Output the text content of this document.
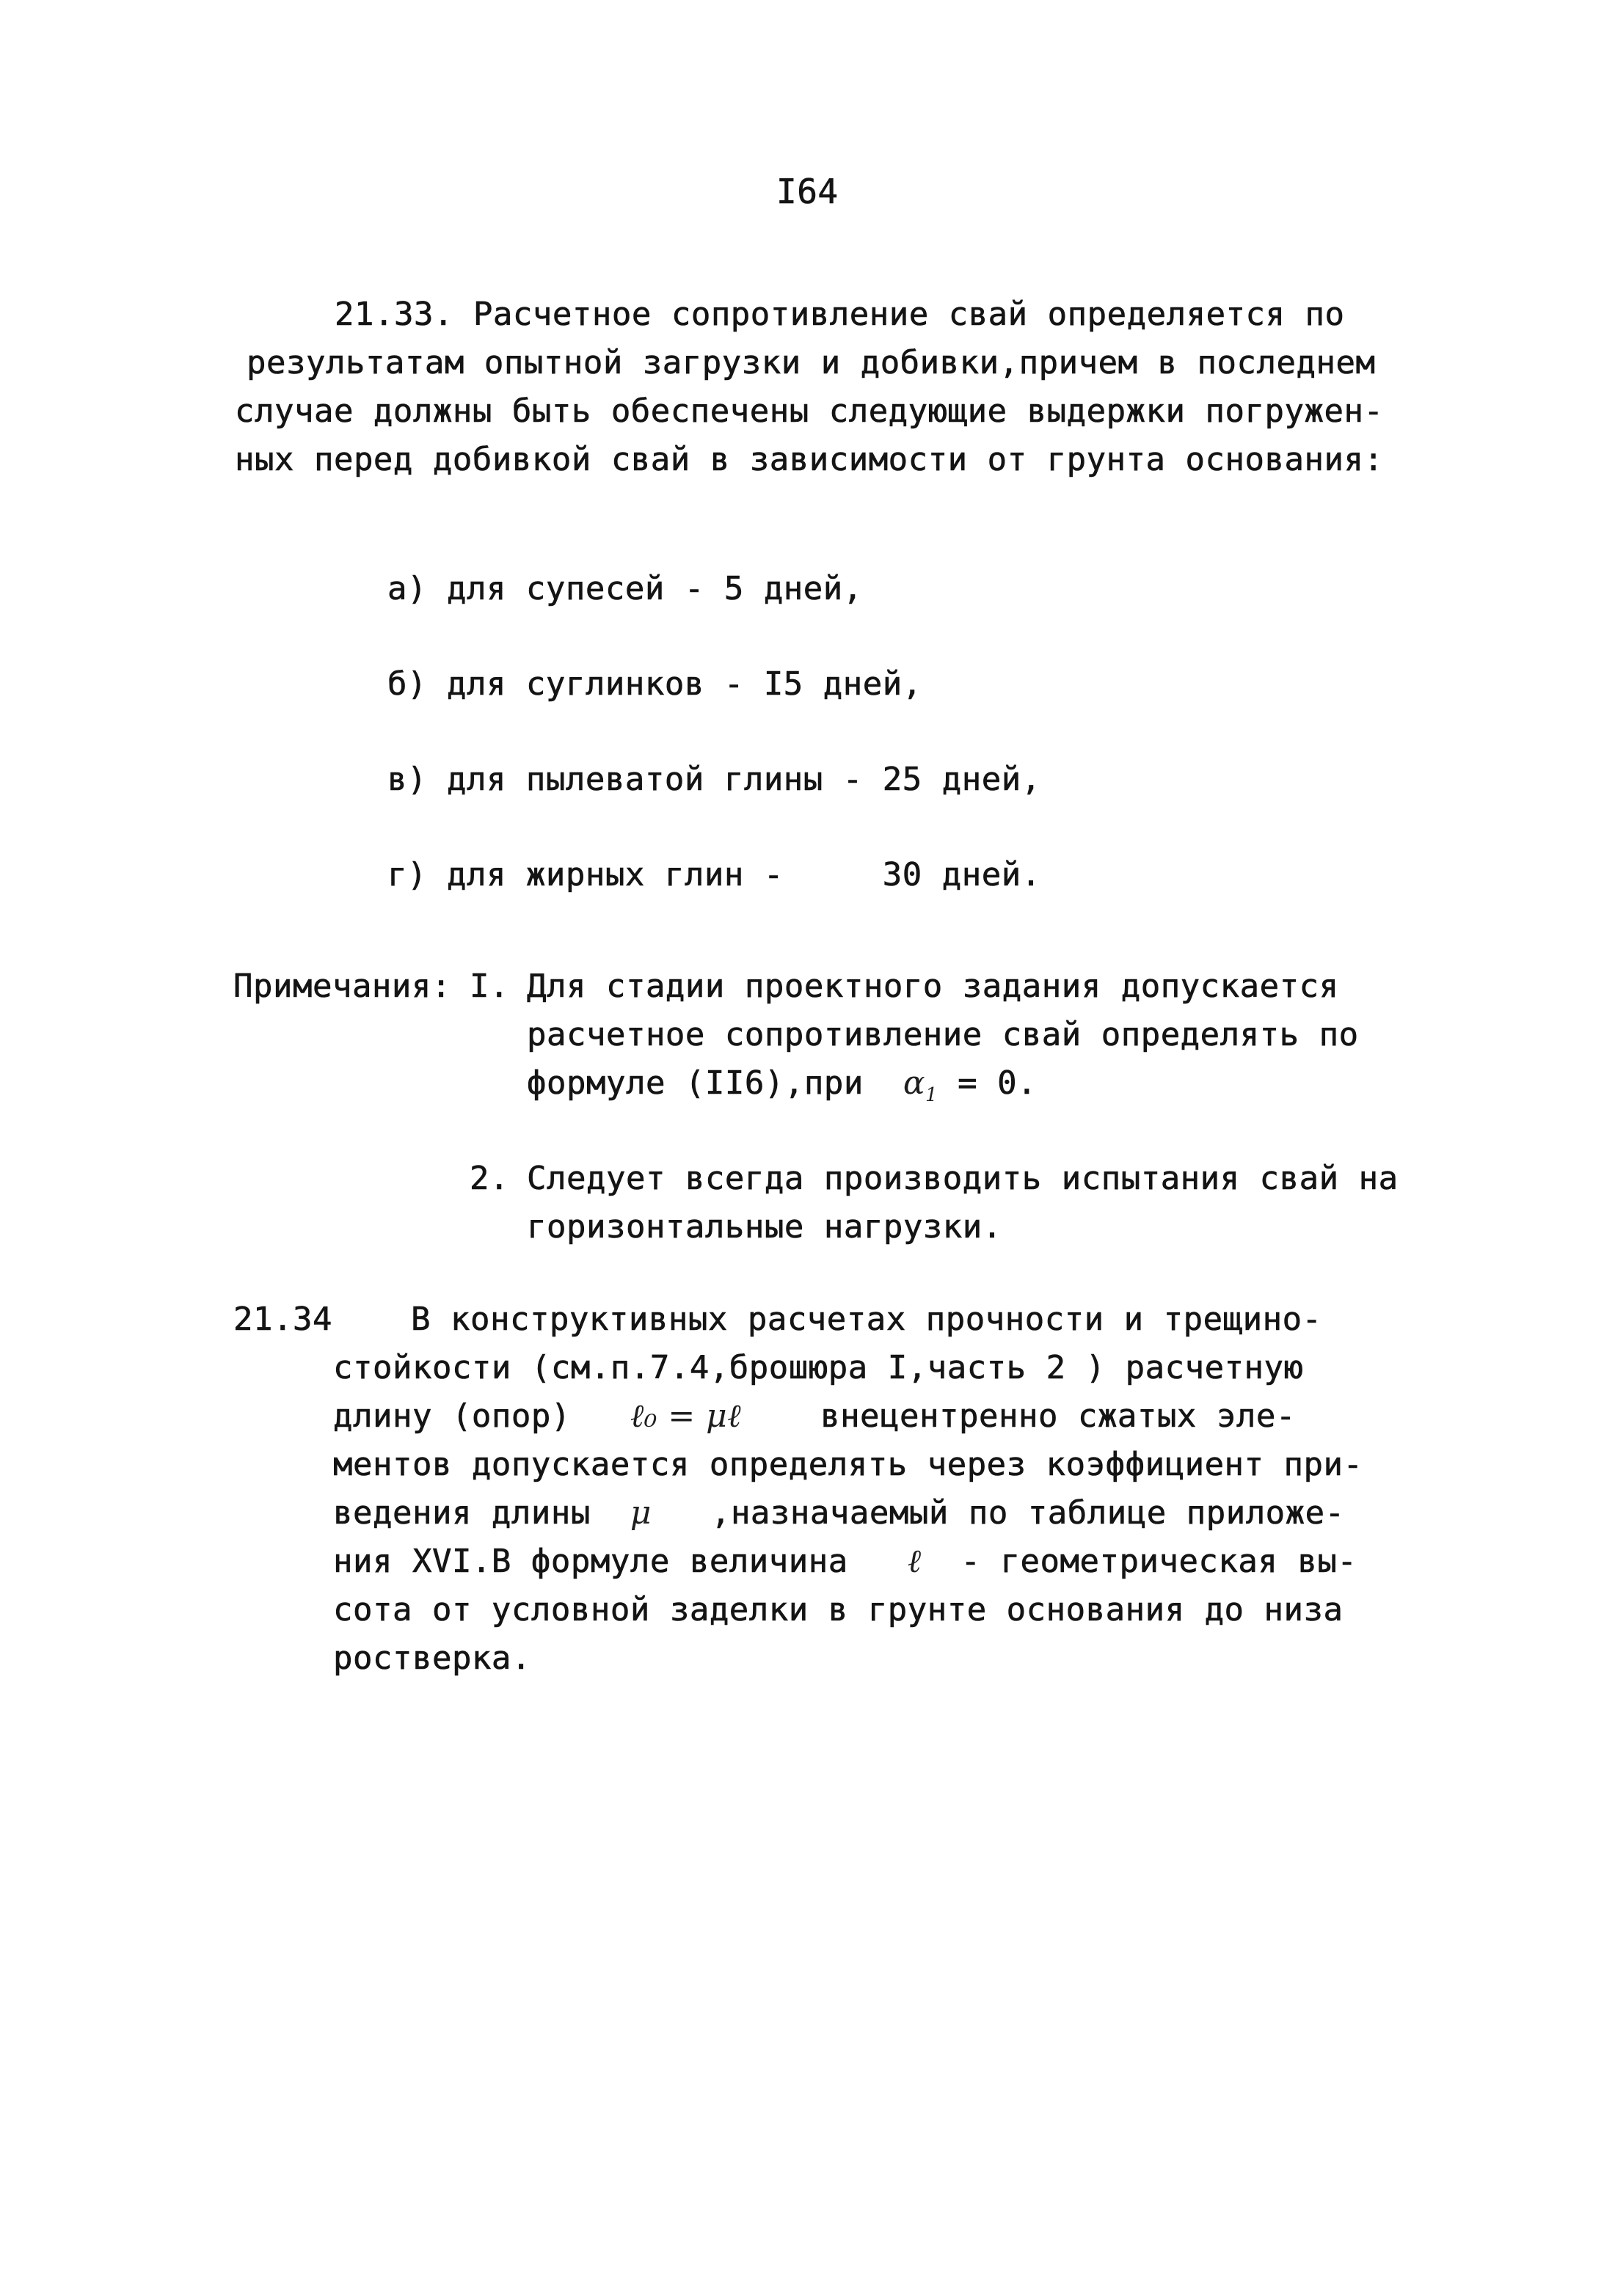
I64
21.33. Расчетное сопротивление свай определяется по
результатам опытной загрузки и добивки,причем в последнем
случае должны быть обеспечены следующие выдержки погружен-
ных перед добивкой свай в зависимости от грунта основания:
а) для супесей - 5 дней,
б) для суглинков - I5 дней,
в) для пылеватой глины - 25 дней,
г) для жирных глин -     30 дней.
Примечания: I. Для стадии проектного задания допускается
расчетное сопротивление свай определять по
формуле (II6),при $\alpha_1 = 0$.
2. Следует всегда производить испытания свай на
горизонтальные нагрузки.
21.34 В конструктивных расчетах прочности и трещино-
стойкости (см.п.7.4,брошюра I,часть 2 ) расчетную
длину (опор) ℓ₀ = μℓ внецентренно сжатых эле-
ментов допускается определять через коэффициент при-
ведения длины μ ,назначаемый по таблице приложе-
ния XVI.В формуле величина ℓ - геометрическая вы-
сота от условной заделки в грунте основания до низа
ростверка.
